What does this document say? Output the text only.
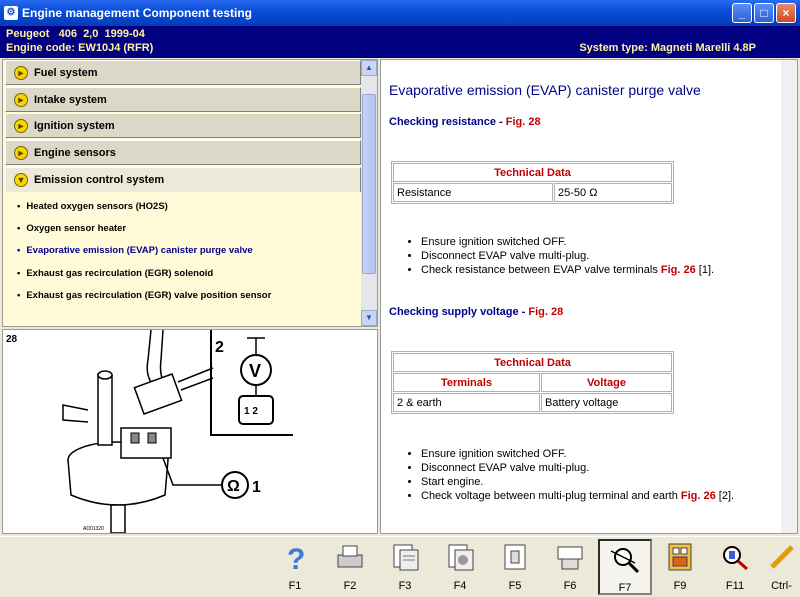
⚙ Engine management Component testing	_	□	×
Peugeot 406 2,0 1999-04
Engine code: EW10J4 (RFR)	System type: Magneti Marelli 4.8P
► Fuel system
► Intake system
► Ignition system
► Engine sensors
▼ Emission control system
• Heated oxygen sensors (HO2S)
• Oxygen sensor heater
• Evaporative emission (EVAP) canister purge valve
• Exhaust gas recirculation (EGR) solenoid
• Exhaust gas recirculation (EGR) valve position sensor
▲
▼
28	2
1
V
Ω
1 2
AD01320
Evaporative emission (EVAP) canister purge valve
Checking resistance - Fig. 28
Technical Data
Resistance	25-50 Ω
• Ensure ignition switched OFF.
• Disconnect EVAP valve multi-plug.
• Check resistance between EVAP valve terminals Fig. 26 [1].
Checking supply voltage - Fig. 28
Technical Data	
Terminals	Voltage
2 & earth	Battery voltage
• Ensure ignition switched OFF.
• Disconnect EVAP valve multi-plug.
• Start engine.
• Check voltage between multi-plug terminal and earth Fig. 26 [2].
?
F1	F2	F3	F4	F5	F6	F7	F9	F11	Ctrl-
